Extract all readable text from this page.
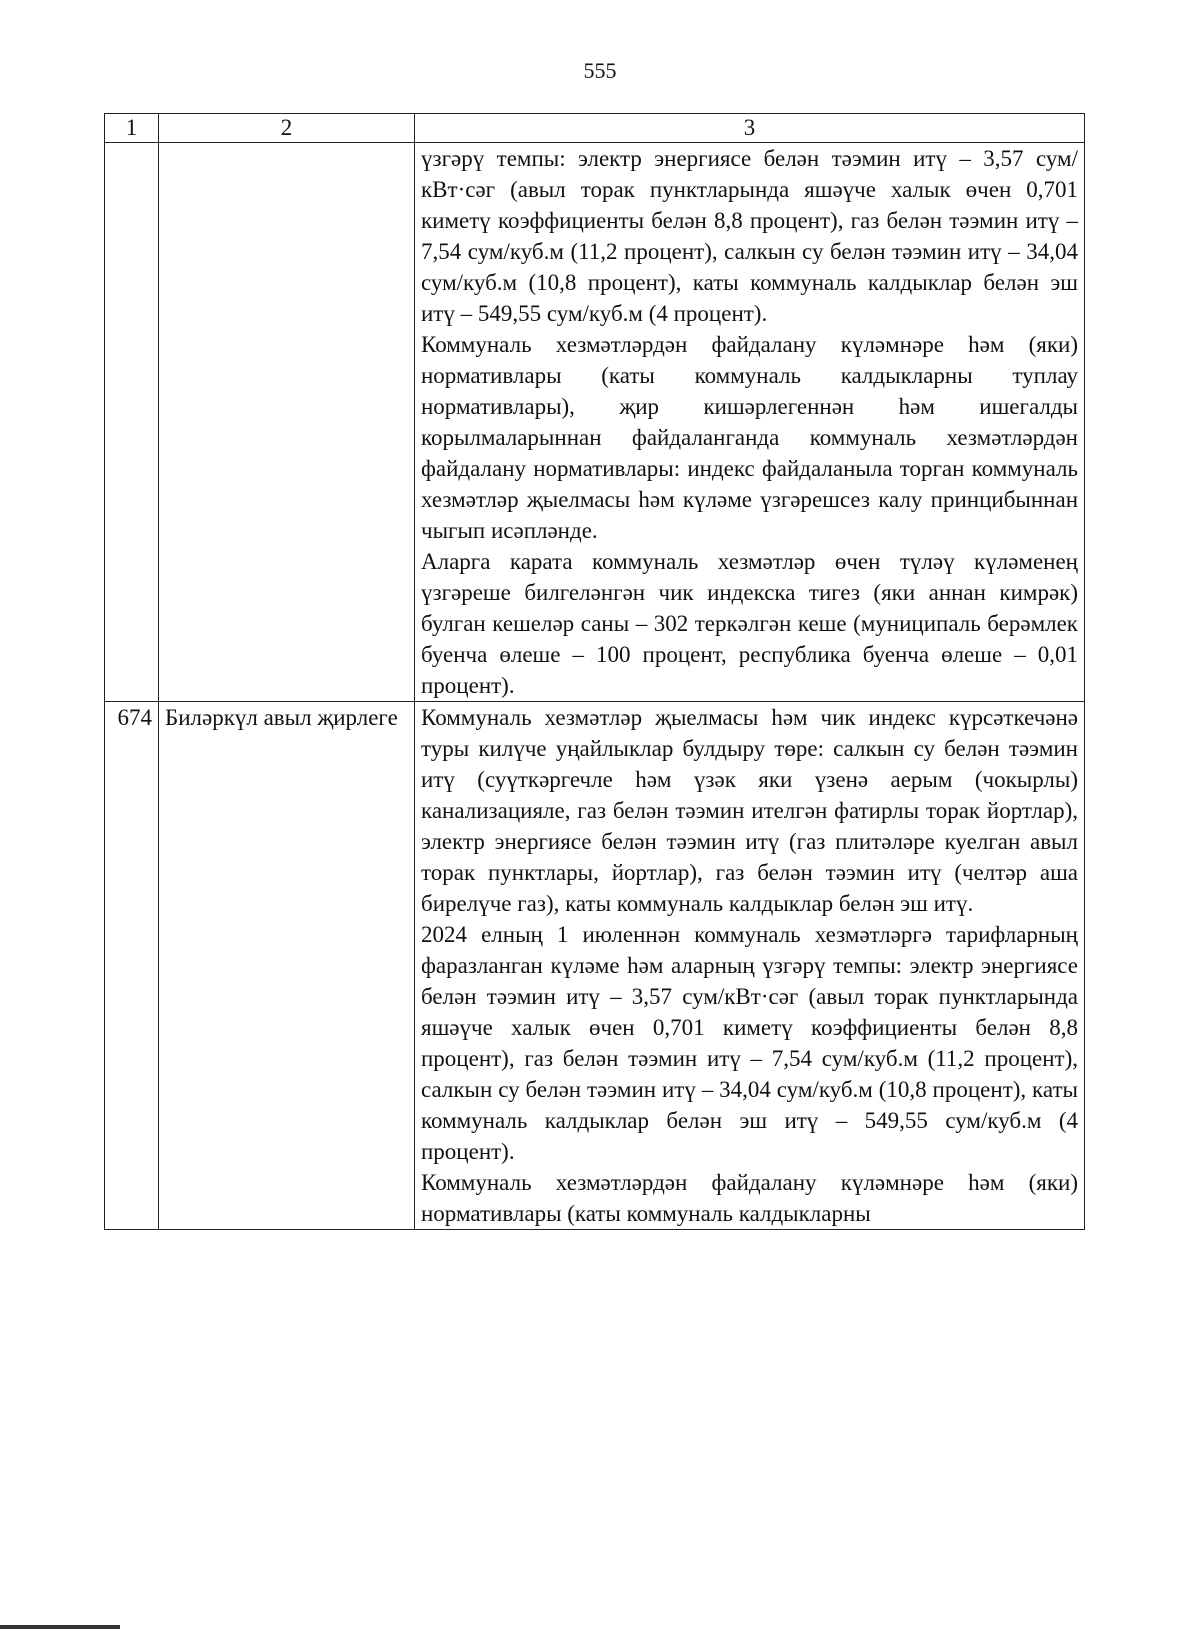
555
1	2	3

		үзгәрү темпы: электр энергиясе белән тәэмин итү – 3,57 сум/кВт·сәг (авыл торак пунктларында яшәүче халык өчен 0,701 киметү коэффициенты белән 8,8 процент), газ белән тәэмин итү – 7,54 сум/куб.м (11,2 процент), салкын су белән тәэмин итү – 34,04 сум/куб.м (10,8 процент), каты коммуналь калдыклар белән эш итү – 549,55 сум/куб.м (4 процент).

Коммуналь хезмәтләрдән файдалану күләмнәре һәм (яки) нормативлары (каты коммуналь калдыкларны туплау нормативлары), җир кишәрлегеннән һәм ишегалды корылмаларыннан файдаланганда коммуналь хезмәтләрдән файдалану нормативлары: индекс файдаланыла торган коммуналь хезмәтләр җыелмасы һәм күләме үзгәрешсез калу принцибыннан чыгып исәпләнде.

Аларга карата коммуналь хезмәтләр өчен түләү күләменең үзгәреше билгеләнгән чик индекска тигез (яки аннан кимрәк) булган кешеләр саны – 302 теркәлгән кеше (муниципаль берәмлек буенча өлеше – 100 процент, республика буенча өлеше – 0,01 процент).

674	Биләркүл авыл җирлеге	Коммуналь хезмәтләр җыелмасы һәм чик индекс күрсәткечәнә туры килүче уңайлыклар булдыру төре: салкын су белән тәэмин итү (суүткәргечле һәм үзәк яки үзенә аерым (чокырлы) канализацияле, газ белән тәэмин ителгән фатирлы торак йортлар), электр энергиясе белән тәэмин итү (газ плитәләре куелган авыл торак пунктлары, йортлар), газ белән тәэмин итү (челтәр аша бирелүче газ), каты коммуналь калдыклар белән эш итү.

2024 елның 1 июленнән коммуналь хезмәтләргә тарифларның фаразланган күләме һәм аларның үзгәрү темпы: электр энергиясе белән тәэмин итү – 3,57 сум/кВт·сәг (авыл торак пунктларында яшәүче халык өчен 0,701 киметү коэффициенты белән 8,8 процент), газ белән тәэмин итү – 7,54 сум/куб.м (11,2 процент), салкын су белән тәэмин итү – 34,04 сум/куб.м (10,8 процент), каты коммуналь калдыклар белән эш итү – 549,55 сум/куб.м (4 процент).

Коммуналь хезмәтләрдән файдалану күләмнәре һәм (яки) нормативлары (каты коммуналь калдыкларны
